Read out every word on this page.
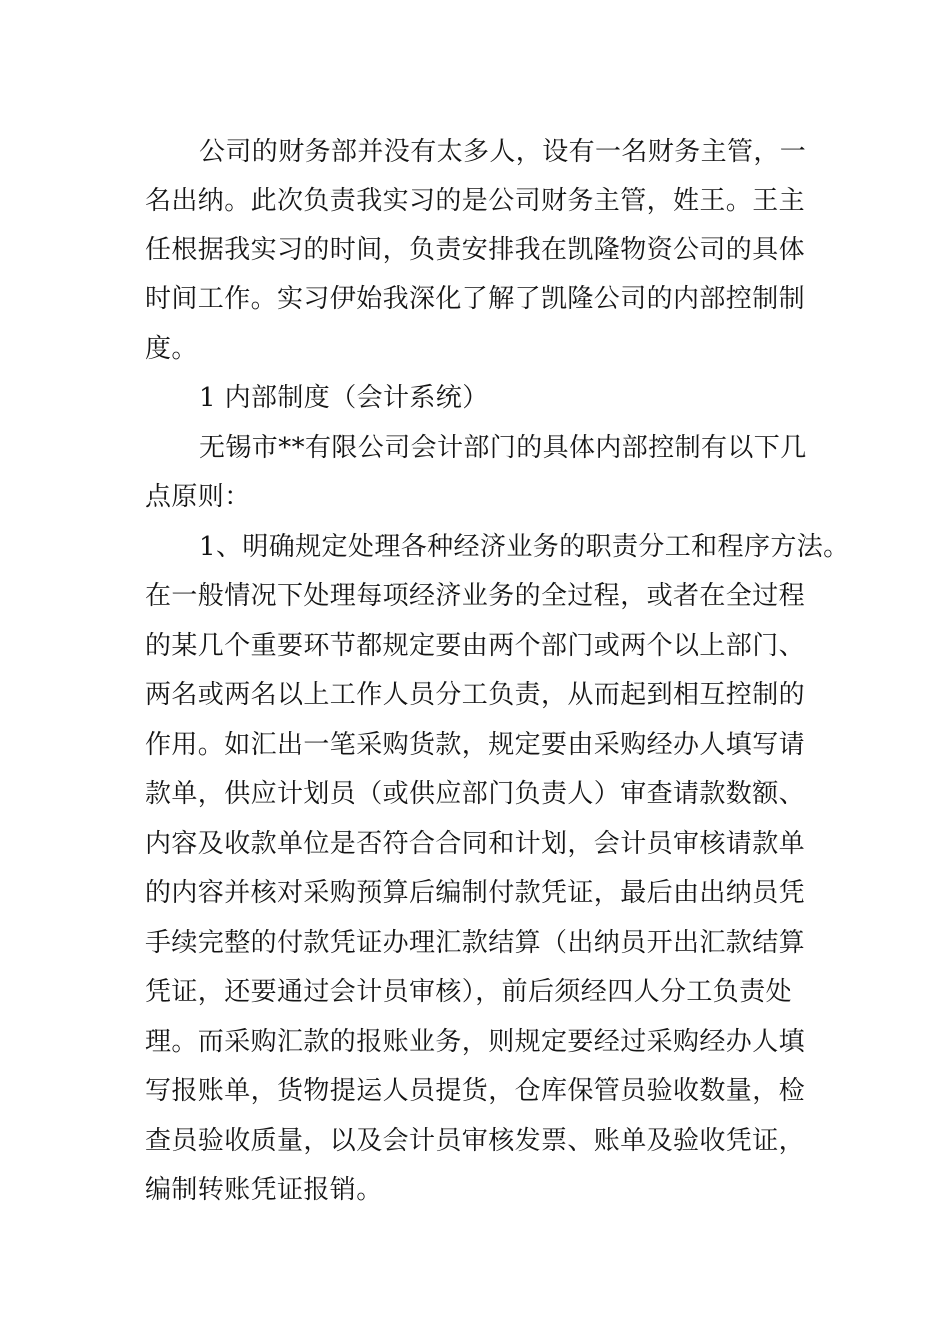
公司的财务部并没有太多人，设有一名财务主管，一
名出纳。此次负责我实习的是公司财务主管，姓王。王主
任根据我实习的时间，负责安排我在凯隆物资公司的具体
时间工作。实习伊始我深化了解了凯隆公司的内部控制制
度。
1 内部制度（会计系统）
无锡市**有限公司会计部门的具体内部控制有以下几
点原则：
1、明确规定处理各种经济业务的职责分工和程序方法。
在一般情况下处理每项经济业务的全过程，或者在全过程
的某几个重要环节都规定要由两个部门或两个以上部门、
两名或两名以上工作人员分工负责，从而起到相互控制的
作用。如汇出一笔采购货款，规定要由采购经办人填写请
款单，供应计划员（或供应部门负责人）审查请款数额、
内容及收款单位是否符合合同和计划，会计员审核请款单
的内容并核对采购预算后编制付款凭证，最后由出纳员凭
手续完整的付款凭证办理汇款结算（出纳员开出汇款结算
凭证，还要通过会计员审核），前后须经四人分工负责处
理。而采购汇款的报账业务，则规定要经过采购经办人填
写报账单，货物提运人员提货，仓库保管员验收数量，检
查员验收质量，以及会计员审核发票、账单及验收凭证，
编制转账凭证报销。
